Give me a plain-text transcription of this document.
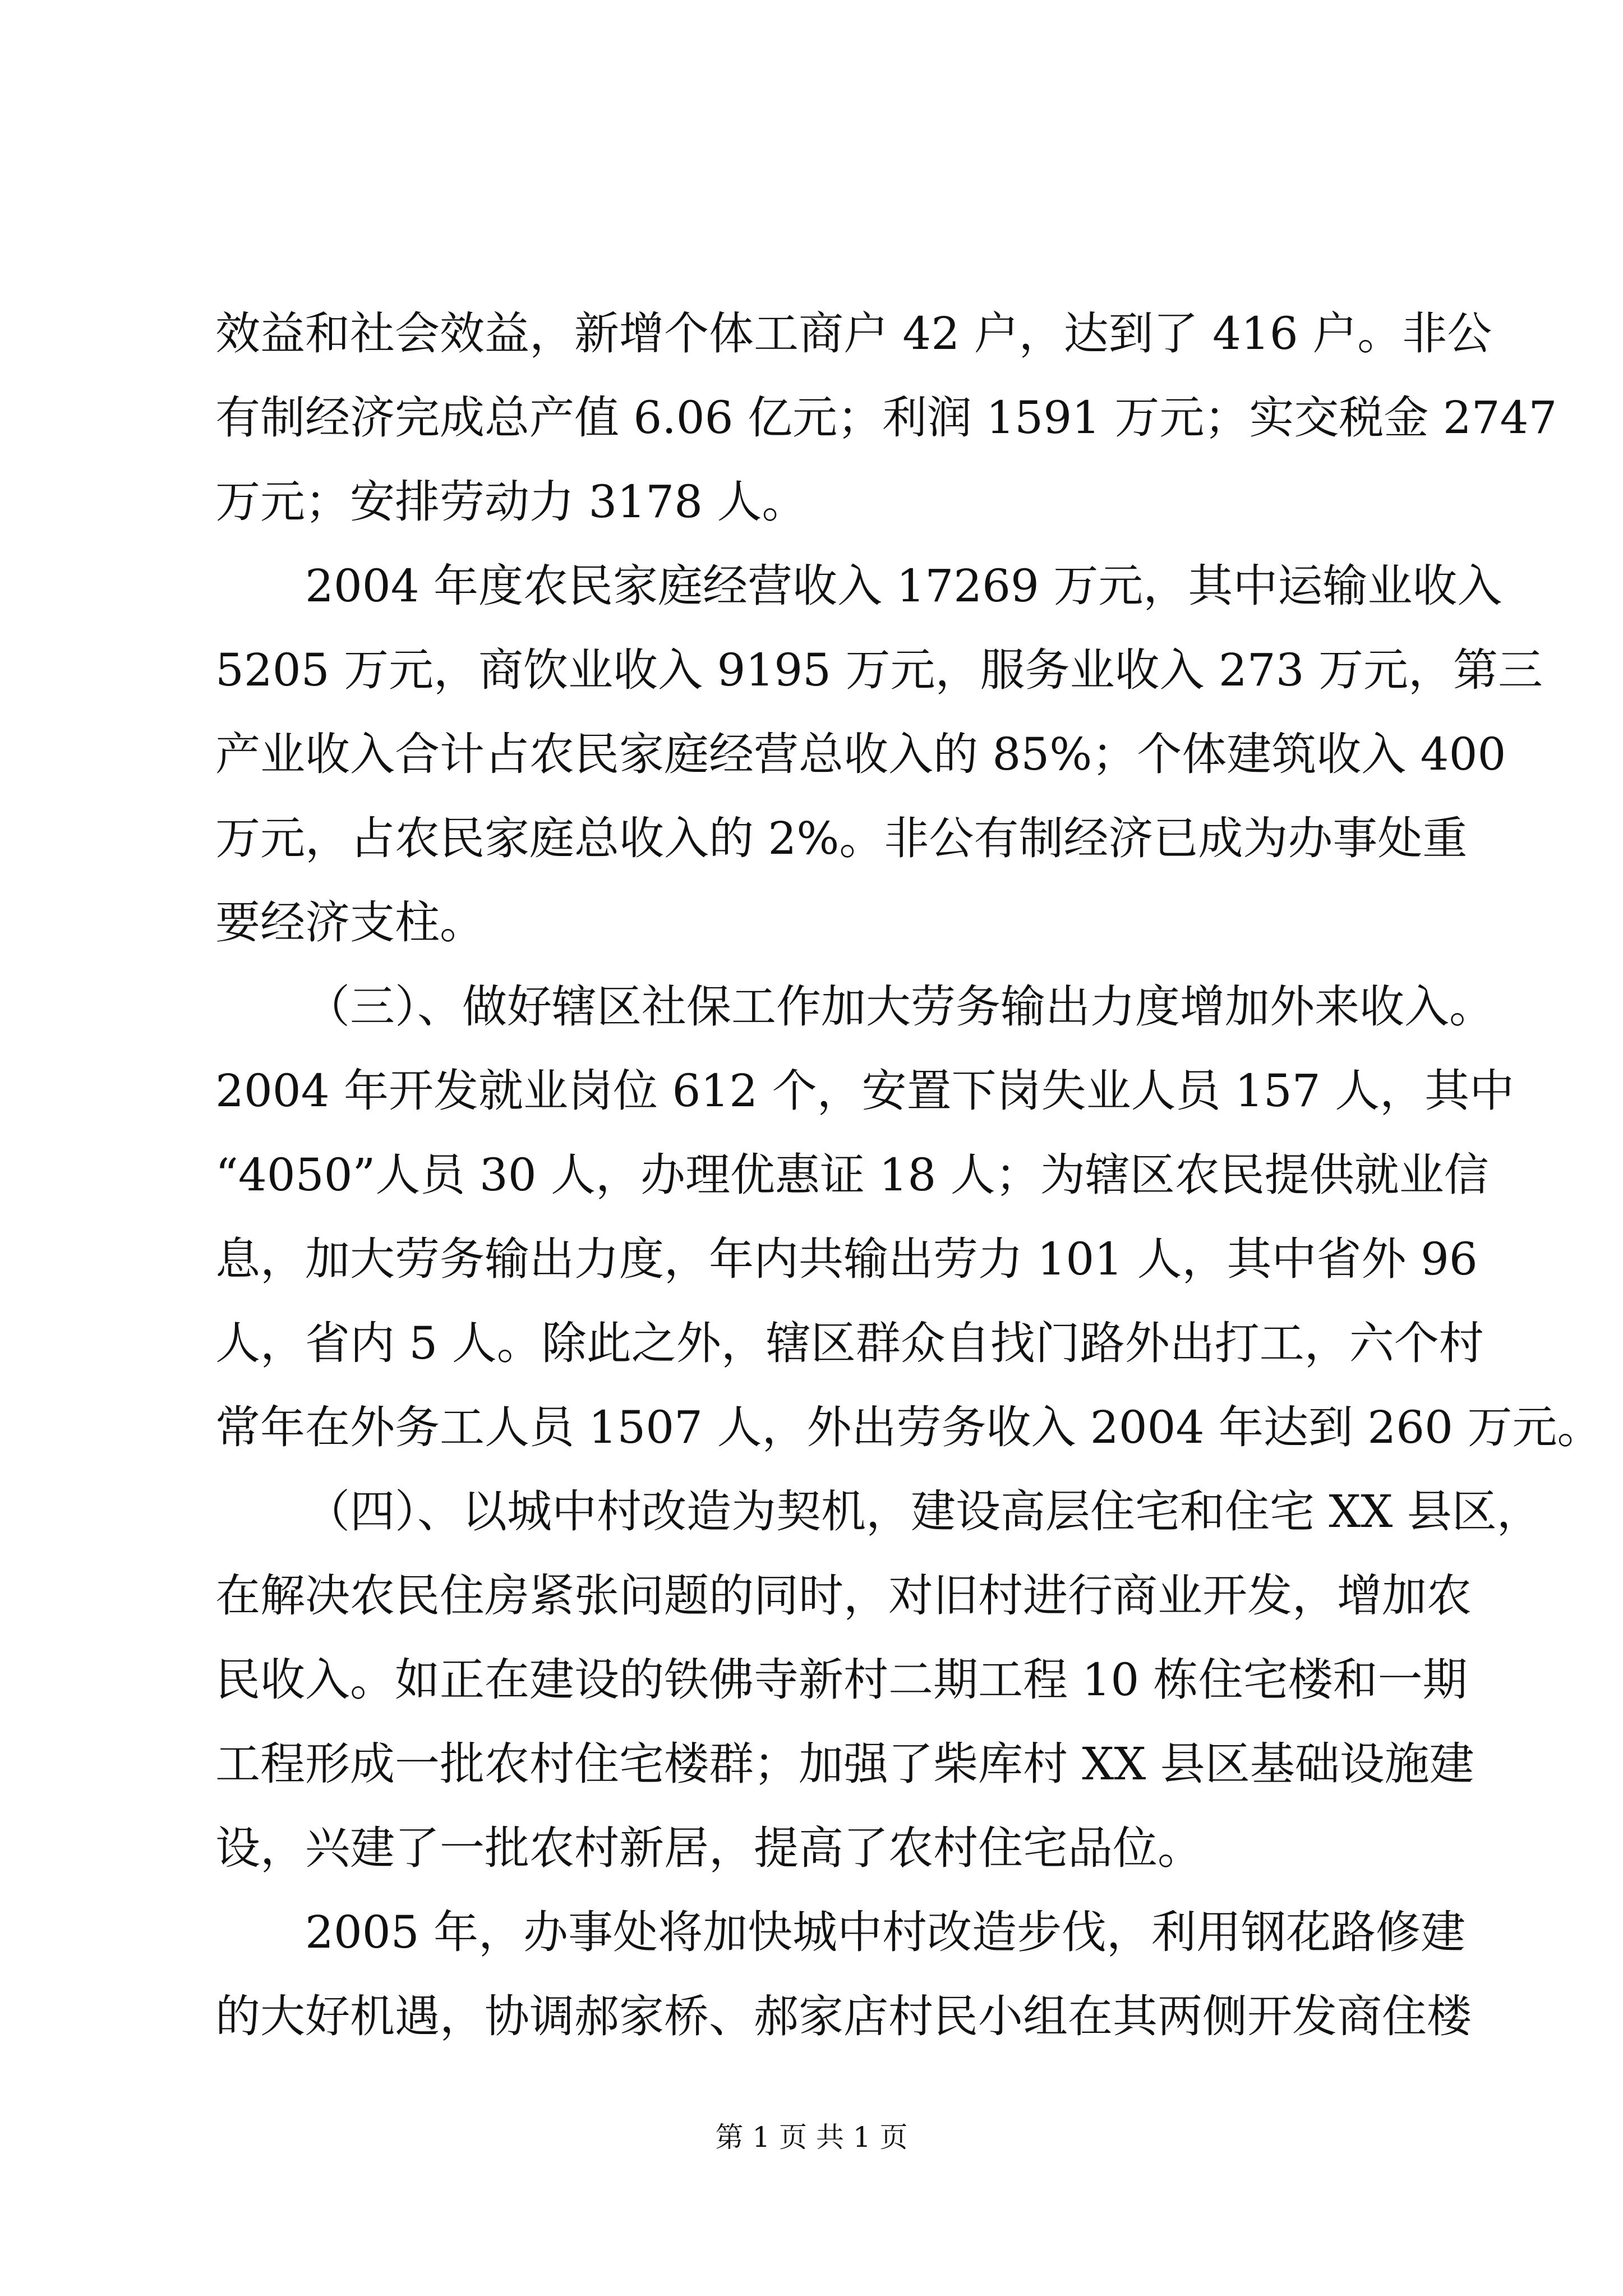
效益和社会效益，新增个体工商户 42 户，达到了 416 户。非公
有制经济完成总产值 6.06 亿元；利润 1591 万元；实交税金 2747
万元；安排劳动力 3178 人。
2004 年度农民家庭经营收入 17269 万元，其中运输业收入
5205 万元，商饮业收入 9195 万元，服务业收入 273 万元，第三
产业收入合计占农民家庭经营总收入的 85%；个体建筑收入 400
万元，占农民家庭总收入的 2%。非公有制经济已成为办事处重
要经济支柱。
（三）、做好辖区社保工作加大劳务输出力度增加外来收入。
2004 年开发就业岗位 612 个，安置下岗失业人员 157 人，其中
“4050”人员 30 人，办理优惠证 18 人；为辖区农民提供就业信
息，加大劳务输出力度，年内共输出劳力 101 人，其中省外 96
人，省内 5 人。除此之外，辖区群众自找门路外出打工，六个村
常年在外务工人员 1507 人，外出劳务收入 2004 年达到 260 万元。
（四）、以城中村改造为契机，建设高层住宅和住宅 XX 县区，
在解决农民住房紧张问题的同时，对旧村进行商业开发，增加农
民收入。如正在建设的铁佛寺新村二期工程 10 栋住宅楼和一期
工程形成一批农村住宅楼群；加强了柴库村 XX 县区基础设施建
设，兴建了一批农村新居，提高了农村住宅品位。
2005 年，办事处将加快城中村改造步伐，利用钢花路修建
的大好机遇，协调郝家桥、郝家店村民小组在其两侧开发商住楼
第 1 页 共 1 页
